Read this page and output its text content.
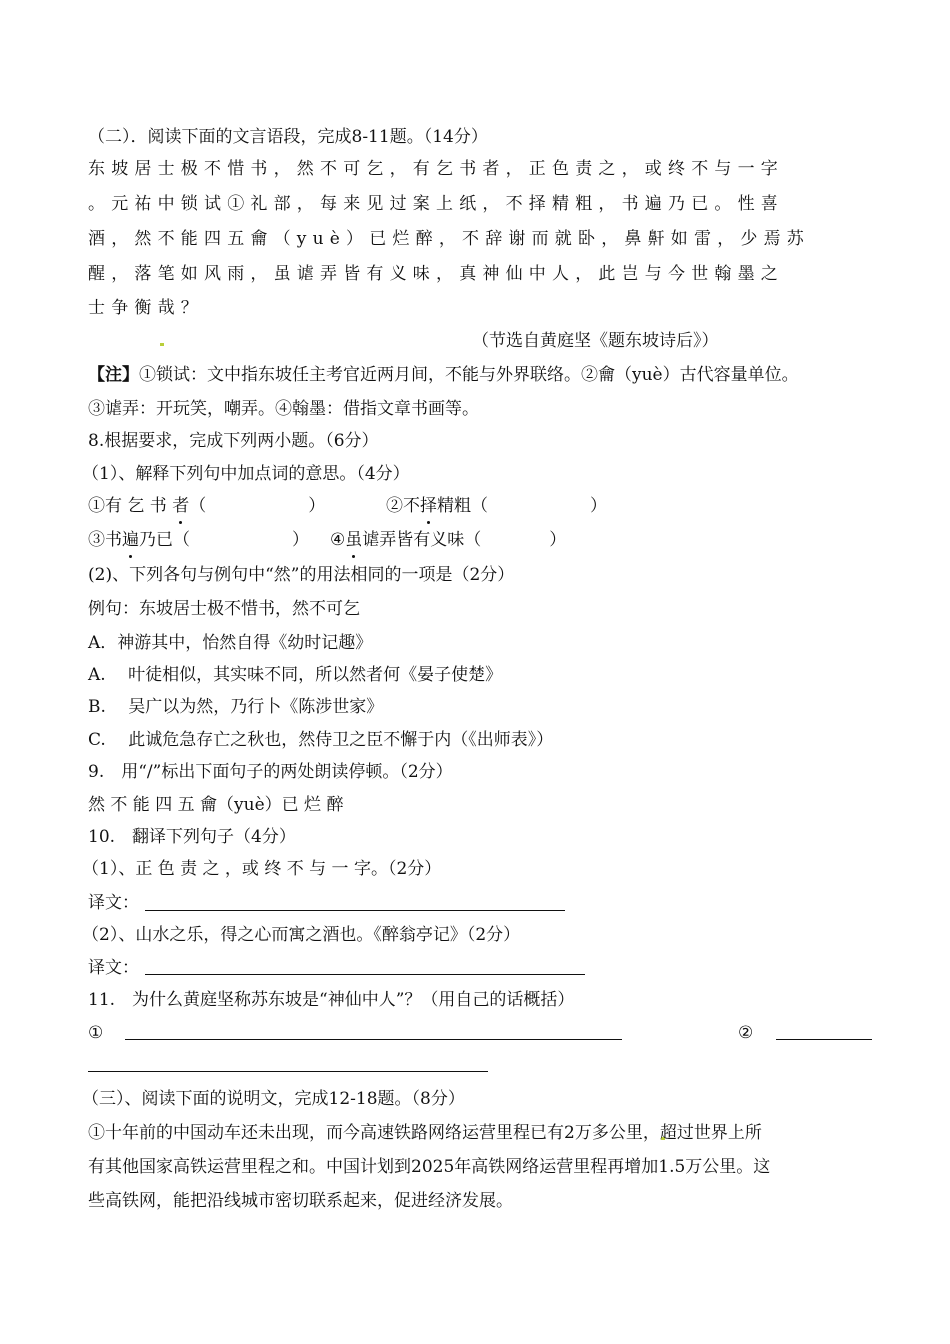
（二）．阅读下面的文言语段，完成8-11题。（14分）
东坡居士极不惜书，然不可乞，有乞书者，正色责之，或终不与一字
。元祐中锁试①礼部，每来见过案上纸，不择精粗，书遍乃已。性喜
酒，然不能四五龠（yuè）已烂醉，不辞谢而就卧，鼻鼾如雷，少焉苏
醒，落笔如风雨，虽谑弄皆有义味，真神仙中人，此岂与今世翰墨之
士争衡哉？
（节选自黄庭坚《题东坡诗后》）
【注】①锁试：文中指东坡任主考官近两月间，不能与外界联络。②龠（yuè）古代容量单位。
③谑弄：开玩笑，嘲弄。④翰墨：借指文章书画等。
8.根据要求，完成下列两小题。（6分）
（1）、解释下列句中加点词的意思。（4分）
①有 乞 书 者（　　　　　　）	②不择精粗（　　　　　　）
③书遍乃已（　　　　　　） ④虽谑弄皆有义味（　　　　）
(2)、下列各句与例句中“然”的用法相同的一项是（2分）
例句：东坡居士极不惜书，然不可乞
A．神游其中，怡然自得《幼时记趣》
A.　 叶徒相似，其实味不同，所以然者何《晏子使楚》
B.　 吴广以为然，乃行卜《陈涉世家》
C.　 此诚危急存亡之秋也，然侍卫之臣不懈于内（《出师表》）
9.　用“/”标出下面句子的两处朗读停顿。（2分）
然 不 能 四 五 龠（yuè）已 烂 醉
10.　翻译下列句子（4分）
（1）、正 色 责 之 ，或 终 不 与 一 字。（2分）
译文：
（2）、山水之乐，得之心而寓之酒也。《醉翁亭记》（2分）
译文：
11.　为什么黄庭坚称苏东坡是“神仙中人”？（用自己的话概括）
①	②
（三）、阅读下面的说明文，完成12-18题。（8分）
①十年前的中国动车还未出现，而今高速铁路网络运营里程已有2万多公里，超过世界上所
有其他国家高铁运营里程之和。中国计划到2025年高铁网络运营里程再增加1.5万公里。这
些高铁网，能把沿线城市密切联系起来，促进经济发展。
